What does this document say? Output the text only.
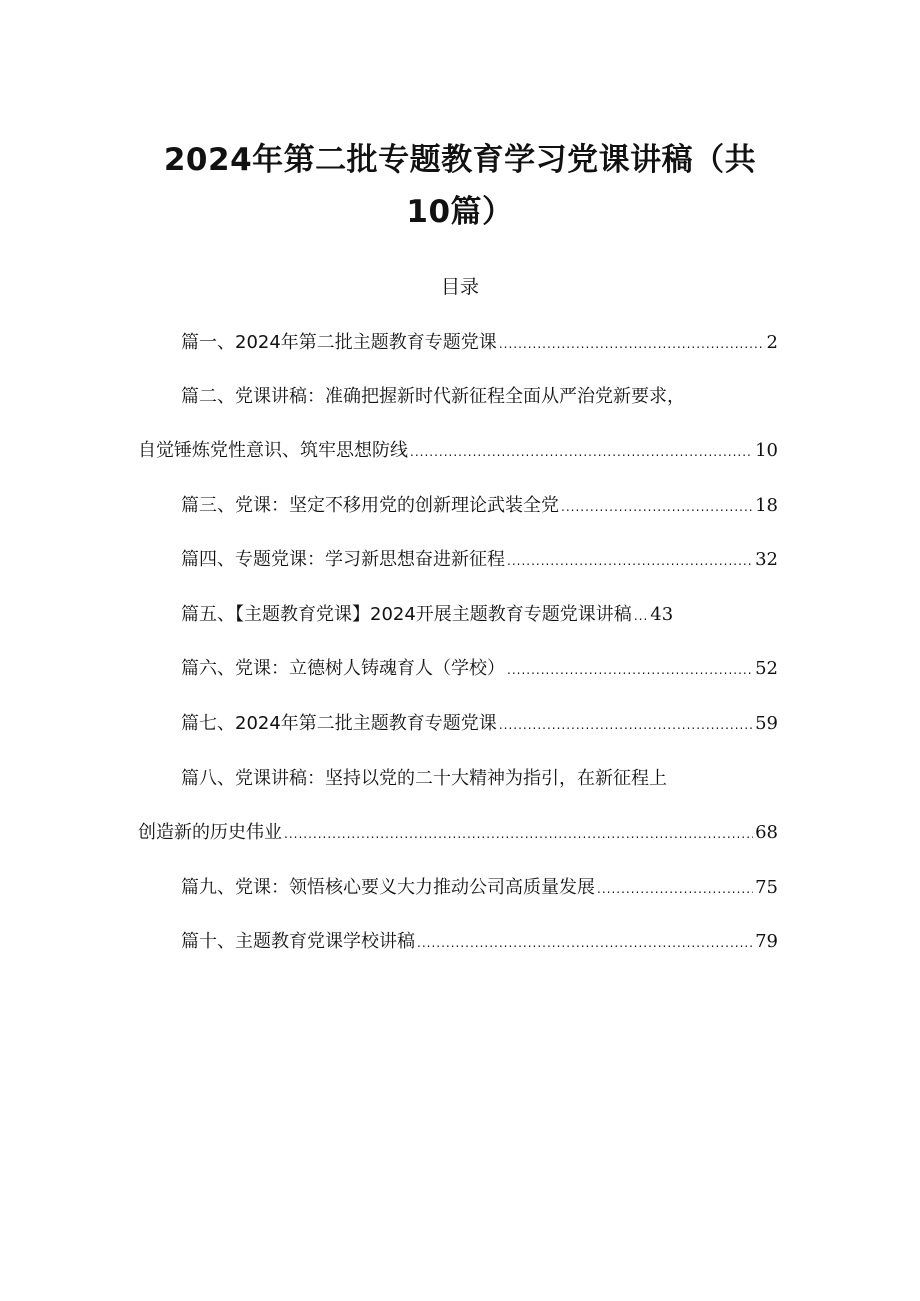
2024年第二批专题教育学习党课讲稿（共
10篇）
目录
篇一、2024年第二批主题教育专题党课 .....	2
篇二、党课讲稿：准确把握新时代新征程全面从严治党新要求，
自觉锤炼党性意识、筑牢思想防线 .....	10
篇三、党课：坚定不移用党的创新理论武装全党 .....	18
篇四、专题党课：学习新思想奋进新征程 .....	32
篇五、【主题教育党课】2024开展主题教育专题党课讲稿 ... 43
篇六、党课：立德树人铸魂育人（学校） .....	52
篇七、2024年第二批主题教育专题党课 .....	59
篇八、党课讲稿：坚持以党的二十大精神为指引，在新征程上
创造新的历史伟业 .....	68
篇九、党课：领悟核心要义大力推动公司高质量发展 .....	75
篇十、主题教育党课学校讲稿 .....	79
